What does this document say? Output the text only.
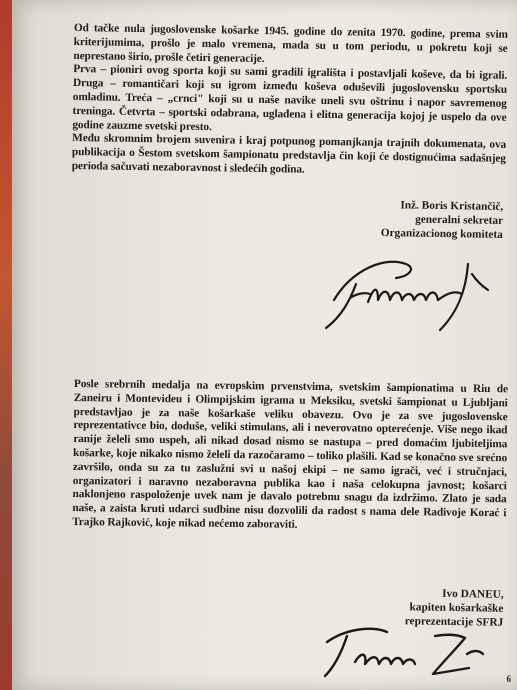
Od tačke nula jugoslovenske košarke 1945. godine do zenita 1970. godine, prema svim kriterijumima, prošlo je malo vremena, mada su u tom periodu, u pokretu koji se neprestano širio, prošle četiri generacije.

Prva – pioniri ovog sporta koji su sami gradili igrališta i postavljali koševe, da bi igrali. Druga – romantičari koji su igrom između koševa oduševili jugoslovensku sportsku omladinu. Treća – „crnci" koji su u naše navike uneli svu oštrinu i napor savremenog treninga. Četvrta – sportski odabrana, uglađena i elitna generacija kojoj je uspelo da ove godine zauzme svetski presto.

Među skromnim brojem suvenira i kraj potpunog pomanjkanja trajnih dokumenata, ova publikacija o Šestom svetskom šampionatu predstavlja čin koji će dostignućima sadašnjeg perioda sačuvati nezaboravnost i sledećih godina.

Inž. Boris Kristančič,
generalni sekretar
Organizacionog komiteta

Posle srebrnih medalja na evropskim prvenstvima, svetskim šampionatima u Riu de Zaneiru i Montevideu i Olimpijskim igrama u Meksiku, svetski šampionat u Ljubljani predstavljao je za naše košarkaše veliku obavezu. Ovo je za sve jugoslovenske reprezentativce bio, doduše, veliki stimulans, ali i neverovatno opterećenje. Više nego ikad ranije želeli smo uspeh, ali nikad dosad nismo se nastupa – pred domaćim ljubiteljima košarke, koje nikako nismo želeli da razočaramo – toliko plašili. Kad se konačno sve srećno završilo, onda su za tu zaslužni svi u našoj ekipi – ne samo igrači, već i stručnjaci, organizatori i naravno nezaboravna publika kao i naša celokupna javnost; košarci naklonjeno raspoloženje uvek nam je davalo potrebnu snagu da izdržimo. Zlato je sada naše, a zaista kruti udarci sudbine nisu dozvolili da radost s nama dele Radivoje Korać i Trajko Rajković, koje nikad nećemo zaboraviti.

Ivo DANEU,
kapiten košarkaške
reprezentacije SFRJ
6
